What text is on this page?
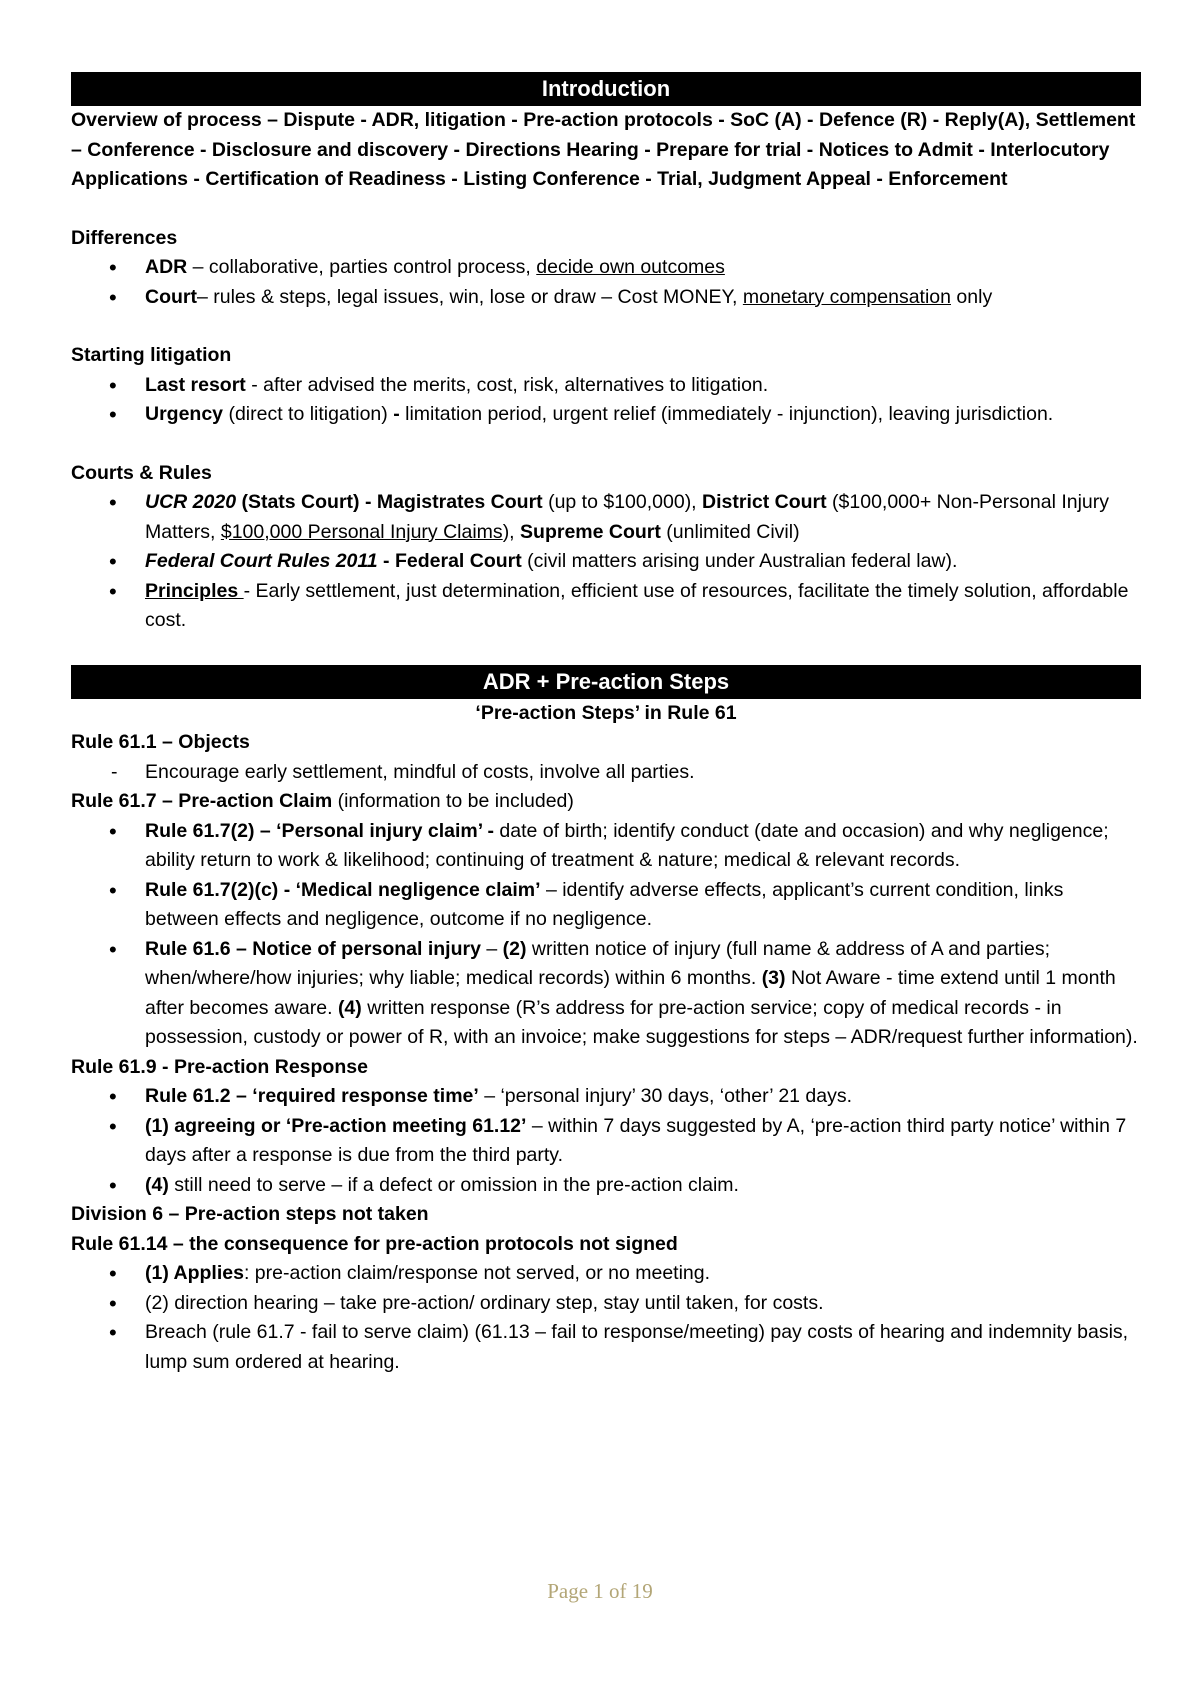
Introduction
Overview of process – Dispute - ADR, litigation - Pre-action protocols - SoC (A) - Defence (R) - Reply(A), Settlement – Conference - Disclosure and discovery - Directions Hearing - Prepare for trial - Notices to Admit - Interlocutory Applications - Certification of Readiness - Listing Conference - Trial, Judgment Appeal - Enforcement
Differences
• ADR – collaborative, parties control process, decide own outcomes
• Court– rules & steps, legal issues, win, lose or draw – Cost MONEY, monetary compensation only
Starting litigation
• Last resort - after advised the merits, cost, risk, alternatives to litigation.
• Urgency (direct to litigation) - limitation period, urgent relief (immediately - injunction), leaving jurisdiction.
Courts & Rules
• UCR 2020 (Stats Court) - Magistrates Court (up to $100,000), District Court ($100,000+ Non-Personal Injury Matters, $100,000 Personal Injury Claims), Supreme Court (unlimited Civil)
• Federal Court Rules 2011 - Federal Court (civil matters arising under Australian federal law).
• Principles - Early settlement, just determination, efficient use of resources, facilitate the timely solution, affordable cost.
ADR + Pre-action Steps
‘Pre-action Steps’ in Rule 61
Rule 61.1 – Objects
- Encourage early settlement, mindful of costs, involve all parties.
Rule 61.7 – Pre-action Claim (information to be included)
• Rule 61.7(2) – ‘Personal injury claim’ - date of birth; identify conduct (date and occasion) and why negligence; ability return to work & likelihood; continuing of treatment & nature; medical & relevant records.
• Rule 61.7(2)(c) - ‘Medical negligence claim’ – identify adverse effects, applicant’s current condition, links between effects and negligence, outcome if no negligence.
• Rule 61.6 – Notice of personal injury – (2) written notice of injury (full name & address of A and parties; when/where/how injuries; why liable; medical records) within 6 months. (3) Not Aware - time extend until 1 month after becomes aware. (4) written response (R’s address for pre-action service; copy of medical records - in possession, custody or power of R, with an invoice; make suggestions for steps – ADR/request further information).
Rule 61.9 - Pre-action Response
• Rule 61.2 – ‘required response time’ – ‘personal injury’ 30 days, ‘other’ 21 days.
• (1) agreeing or ‘Pre-action meeting 61.12’ – within 7 days suggested by A, ‘pre-action third party notice’ within 7 days after a response is due from the third party.
• (4) still need to serve – if a defect or omission in the pre-action claim.
Division 6 – Pre-action steps not taken
Rule 61.14 – the consequence for pre-action protocols not signed
• (1) Applies: pre-action claim/response not served, or no meeting.
• (2) direction hearing – take pre-action/ ordinary step, stay until taken, for costs.
• Breach (rule 61.7 - fail to serve claim) (61.13 – fail to response/meeting) pay costs of hearing and indemnity basis, lump sum ordered at hearing.
Page 1 of 19
